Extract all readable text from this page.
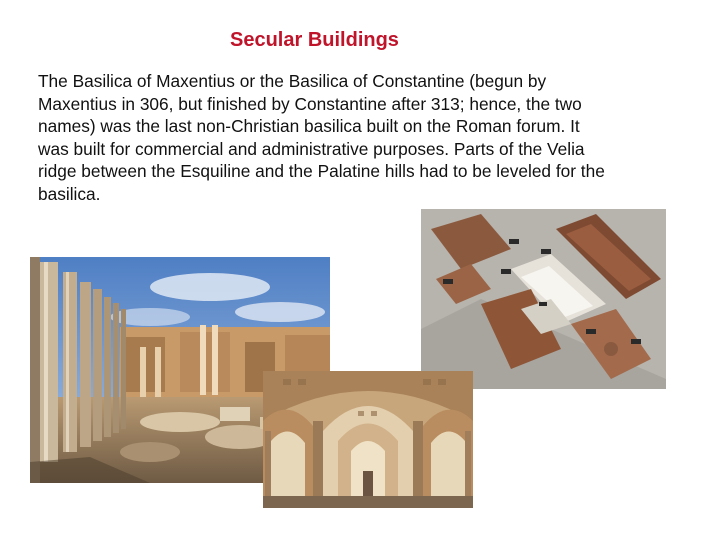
Secular Buildings
The Basilica of Maxentius or the Basilica of Constantine (begun by
Maxentius in 306, but finished by Constantine after 313; hence, the two
names) was the last non-Christian basilica built on the Roman forum. It
was built for commercial and administrative purposes. Parts of the Velia
ridge between the Esquiline and the Palatine hills had to be leveled for the
basilica.
